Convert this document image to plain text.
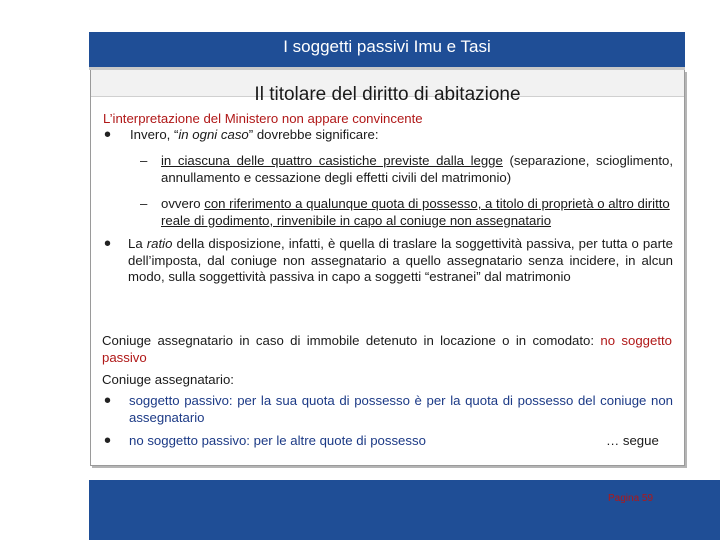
I soggetti passivi Imu e Tasi
Il titolare del diritto di abitazione
L’interpretazione del Ministero non appare convincente
• Invero, “in ogni caso” dovrebbe significare:
– in ciascuna delle quattro casistiche previste dalla legge (separazione, scioglimento, annullamento e cessazione degli effetti civili del matrimonio)
– ovvero con riferimento a qualunque quota di possesso, a titolo di proprietà o altro diritto reale di godimento, rinvenibile in capo al coniuge non assegnatario
• La ratio della disposizione, infatti, è quella di traslare la soggettività passiva, per tutta o parte dell’imposta, dal coniuge non assegnatario a quello assegnatario senza incidere, in alcun modo, sulla soggettività passiva in capo a soggetti “estranei” dal matrimonio
Coniuge assegnatario in caso di immobile detenuto in locazione o in comodato: no soggetto passivo
Coniuge assegnatario:
• soggetto passivo: per la sua quota di possesso è per la quota di possesso del coniuge non assegnatario
• no soggetto passivo: per le altre quote di possesso	… segue
Pagina 59
